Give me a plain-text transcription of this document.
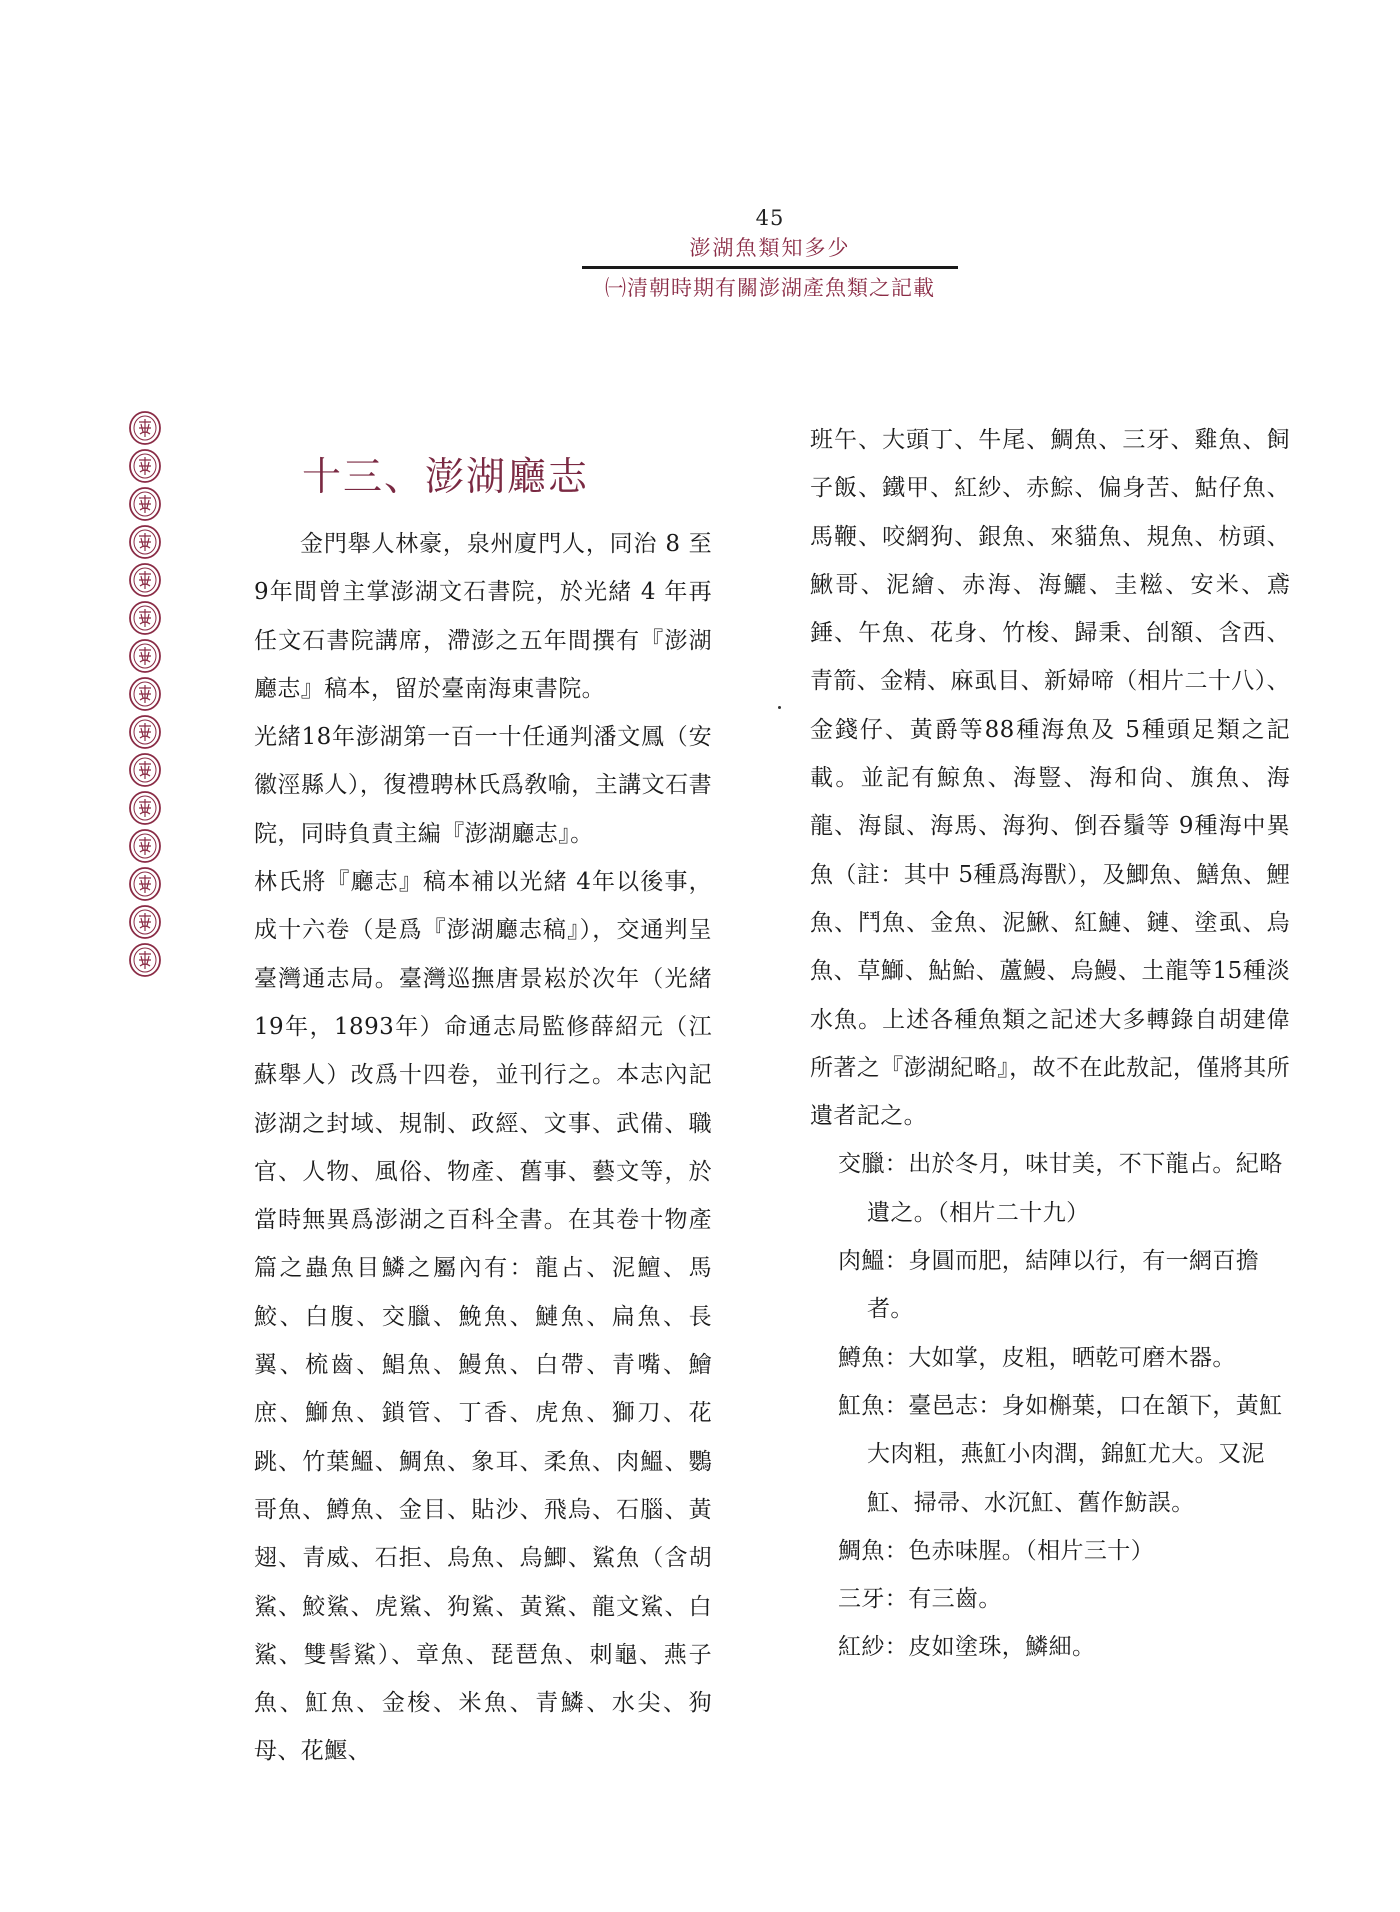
45
澎湖魚類知多少
㈠清朝時期有關澎湖產魚類之記載
十三、澎湖廳志

金門舉人林豪，泉州廈門人，同治 8 至 9年間曾主掌澎湖文石書院，於光緒 4 年再任文石書院講席，滯澎之五年間撰有『澎湖廳志』稿本，留於臺南海東書院。

光緒18年澎湖第一百一十任通判潘文鳳（安徽涇縣人），復禮聘林氏爲敎喻，主講文石書院，同時負責主編『澎湖廳志』。

林氏將『廳志』稿本補以光緒 4年以後事，成十六卷（是爲『澎湖廳志稿』），交通判呈臺灣通志局。臺灣巡撫唐景崧於次年（光緒19年，1893年）命通志局監修薛紹元（江蘇舉人）改爲十四卷，並刊行之。本志內記澎湖之封域、規制、政經、文事、武備、職官、人物、風俗、物產、舊事、藝文等，於當時無異爲澎湖之百科全書。在其卷十物產篇之蟲魚目鱗之屬內有：龍占、泥鱣、馬鮫、白腹、交臘、鮸魚、鰱魚、扁魚、長翼、梳齒、鯧魚、鰻魚、白帶、青嘴、鱠庶、鰤魚、鎖管、丁香、虎魚、獅刀、花跳、竹葉鰮、鯛魚、象耳、柔魚、肉鰮、鸚哥魚、鱒魚、金目、貼沙、飛烏、石腦、黃翅、青威、石拒、烏魚、烏鯽、鯊魚（含胡鯊、鮫鯊、虎鯊、狗鯊、黃鯊、龍文鯊、白鯊、雙髻鯊）、章魚、琵琶魚、刺龜、燕子魚、魟魚、金梭、米魚、青鱗、水尖、狗母、花鰋、

班午、大頭丁、牛尾、鯛魚、三牙、雞魚、飼子飯、鐵甲、紅紗、赤鯮、偏身苦、鮕仔魚、馬鞭、咬網狗、銀魚、來貓魚、規魚、枋頭、鰍哥、泥繪、赤海、海鱺、圭糍、安米、鳶錘、午魚、花身、竹梭、歸秉、刣額、含西、青箭、金精、麻虱目、新婦啼（相片二十八）、金錢仔、黃爵等88種海魚及 5種頭足類之記載。並記有鯨魚、海豎、海和尙、旗魚、海龍、海鼠、海馬、海狗、倒吞鬚等 9種海中異魚（註：其中 5種爲海獸），及鯽魚、鱔魚、鯉魚、鬥魚、金魚、泥鰍、紅鰱、鏈、塗虱、烏魚、草鰤、鮎鮐、蘆鰻、烏鰻、土龍等15種淡水魚。上述各種魚類之記述大多轉錄自胡建偉所著之『澎湖紀略』，故不在此敖記，僅將其所遺者記之。

交臘：出於冬月，味甘美，不下龍占。紀略遺之。（相片二十九）

肉鰮：身圓而肥，結陣以行，有一網百擔者。

鱒魚：大如掌，皮粗，晒乾可磨木器。

魟魚：臺邑志：身如槲葉，口在頷下，黃魟大肉粗，燕魟小肉潤，錦魟尤大。又泥魟、掃帚、水沉魟、舊作魴誤。

鯛魚：色赤味腥。（相片三十）

三牙：有三齒。

紅紗：皮如塗珠，鱗細。
